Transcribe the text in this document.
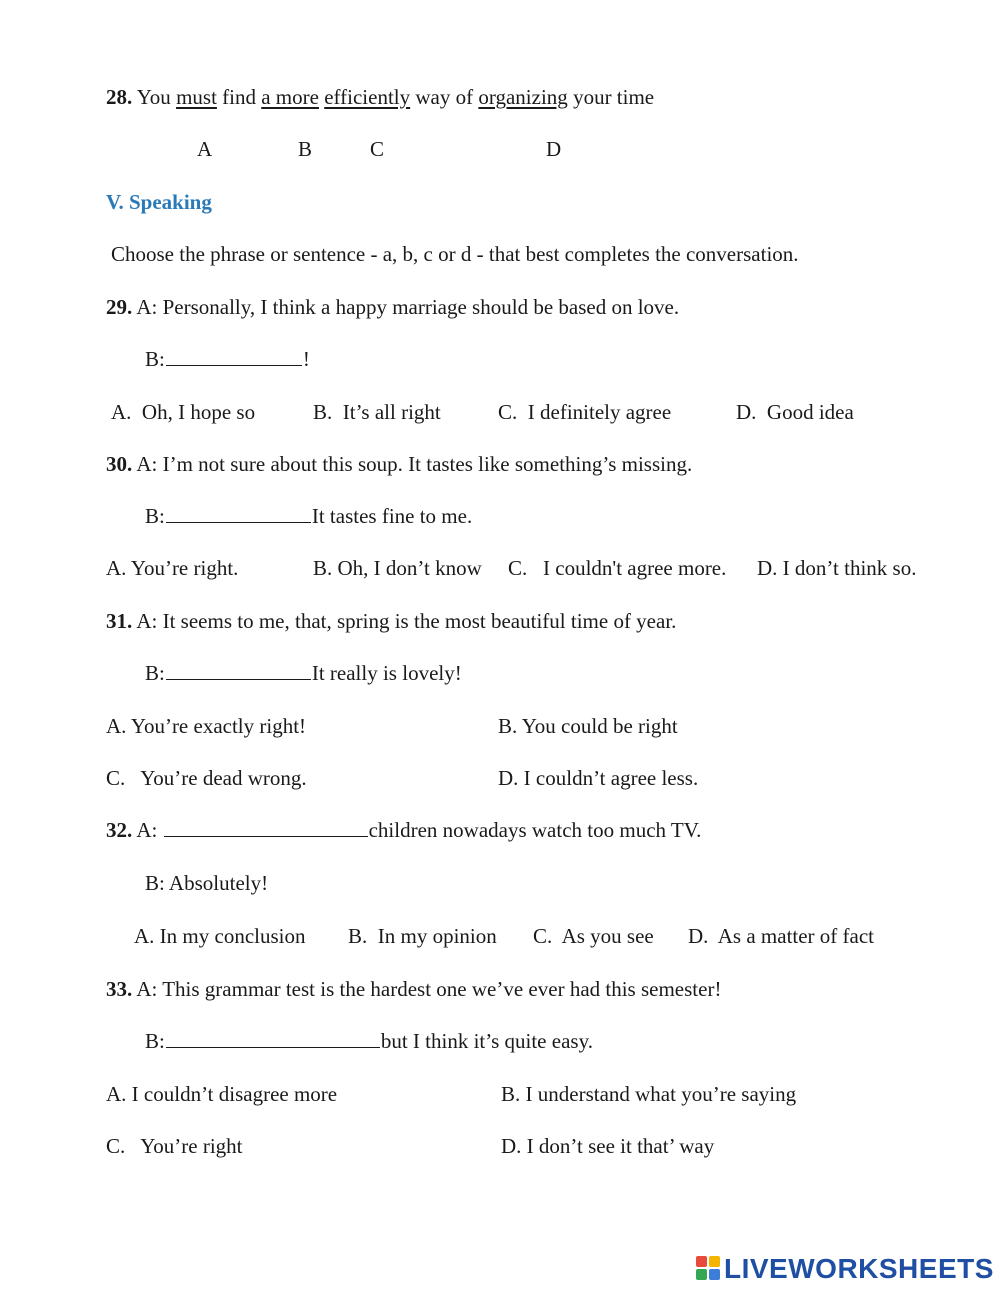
28. You must find a more efficiently way of organizing your time
A	B	C	D
V. Speaking
Choose the phrase or sentence - a, b, c or d - that best completes the conversation.
29. A: Personally, I think a happy marriage should be based on love.
B:	!
A.  Oh, I hope so	B.  It’s all right	C.  I definitely agree	D.  Good idea
30. A: I’m not sure about this soup. It tastes like something’s missing.
B:	It tastes fine to me.
A. You’re right.	B. Oh, I don’t know C.   I couldn't agree more. D. I don’t think so.
31. A: It seems to me, that, spring is the most beautiful time of year.
B:	It really is lovely!
A. You’re exactly right!	B. You could be right
C.   You’re dead wrong.	D. I couldn’t agree less.
32. A:	children nowadays watch too much TV.
B: Absolutely!
A. In my conclusion B.  In my opinion C.  As you see D.  As a matter of fact
33. A: This grammar test is the hardest one we’ve ever had this semester!
B:	but I think it’s quite easy.
A. I couldn’t disagree more	B. I understand what you’re saying
C.   You’re right	D. I don’t see it that’ way
LIVEWORKSHEETS
